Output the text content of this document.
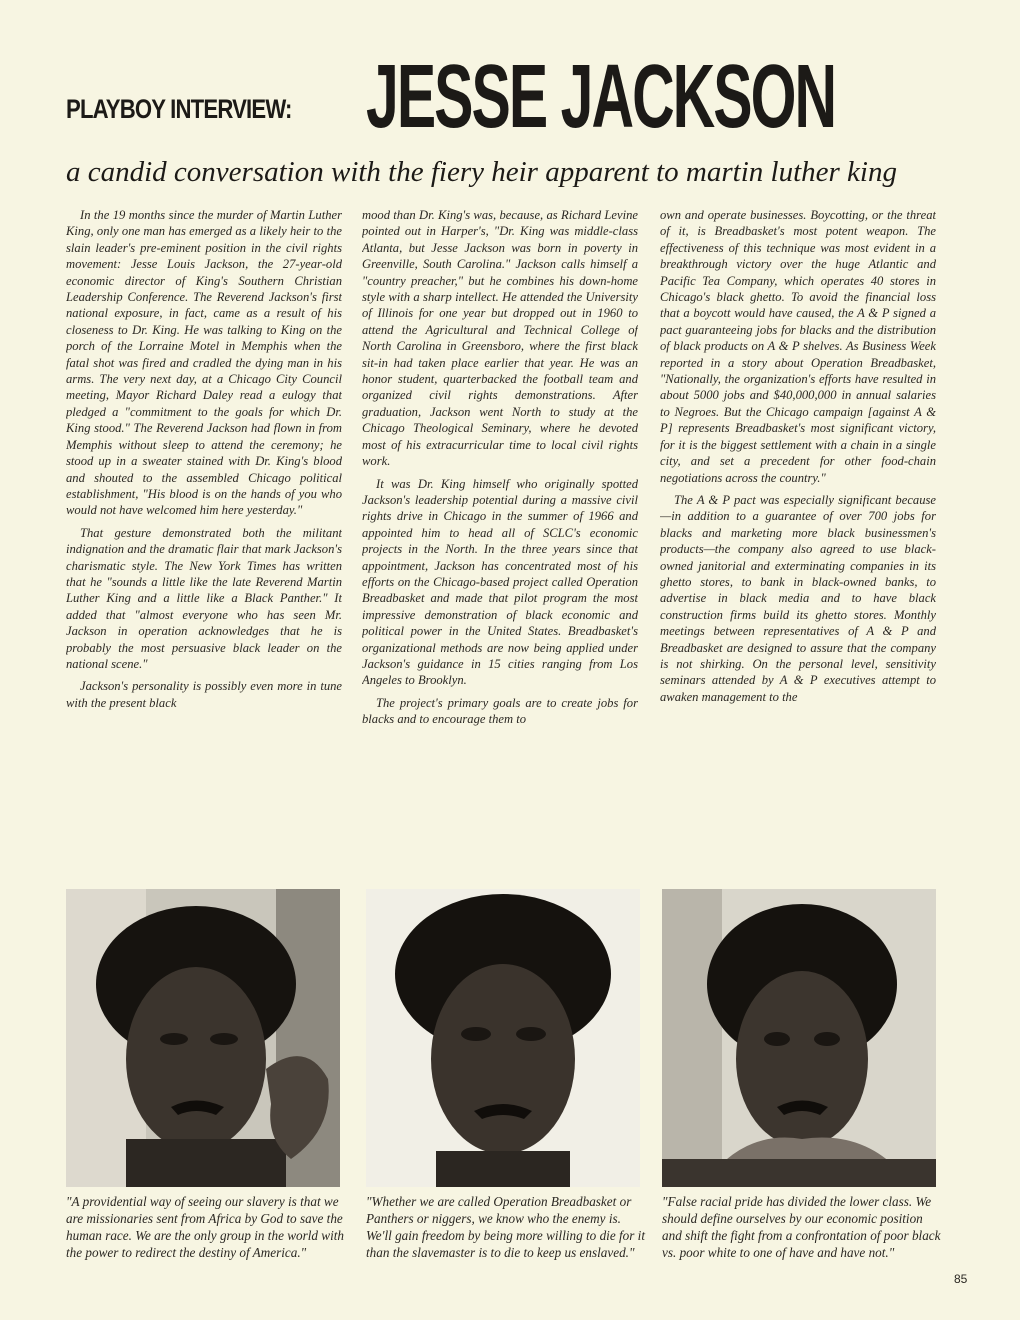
PLAYBOY INTERVIEW: JESSE JACKSON
a candid conversation with the fiery heir apparent to martin luther king

In the 19 months since the murder of Martin Luther King, only one man has emerged as a likely heir to the slain leader's pre-eminent position in the civil rights movement: Jesse Louis Jackson, the 27-year-old economic director of King's Southern Christian Leadership Conference. The Reverend Jackson's first national exposure, in fact, came as a result of his closeness to Dr. King. He was talking to King on the porch of the Lorraine Motel in Memphis when the fatal shot was fired and cradled the dying man in his arms. The very next day, at a Chicago City Council meeting, Mayor Richard Daley read a eulogy that pledged a "commitment to the goals for which Dr. King stood." The Reverend Jackson had flown in from Memphis without sleep to attend the ceremony; he stood up in a sweater stained with Dr. King's blood and shouted to the assembled Chicago political establishment, "His blood is on the hands of you who would not have welcomed him here yesterday."

That gesture demonstrated both the militant indignation and the dramatic flair that mark Jackson's charismatic style. The New York Times has written that he "sounds a little like the late Reverend Martin Luther King and a little like a Black Panther." It added that "almost everyone who has seen Mr. Jackson in operation acknowledges that he is probably the most persuasive black leader on the national scene."

Jackson's personality is possibly even more in tune with the present black

mood than Dr. King's was, because, as Richard Levine pointed out in Harper's, "Dr. King was middle-class Atlanta, but Jesse Jackson was born in poverty in Greenville, South Carolina." Jackson calls himself a "country preacher," but he combines his down-home style with a sharp intellect. He attended the University of Illinois for one year but dropped out in 1960 to attend the Agricultural and Technical College of North Carolina in Greensboro, where the first black sit-in had taken place earlier that year. He was an honor student, quarterbacked the football team and organized civil rights demonstrations. After graduation, Jackson went North to study at the Chicago Theological Seminary, where he devoted most of his extracurricular time to local civil rights work.

It was Dr. King himself who originally spotted Jackson's leadership potential during a massive civil rights drive in Chicago in the summer of 1966 and appointed him to head all of SCLC's economic projects in the North. In the three years since that appointment, Jackson has concentrated most of his efforts on the Chicago-based project called Operation Breadbasket and made that pilot program the most impressive demonstration of black economic and political power in the United States. Breadbasket's organizational methods are now being applied under Jackson's guidance in 15 cities ranging from Los Angeles to Brooklyn.

The project's primary goals are to create jobs for blacks and to encourage them to

own and operate businesses. Boycotting, or the threat of it, is Breadbasket's most potent weapon. The effectiveness of this technique was most evident in a breakthrough victory over the huge Atlantic and Pacific Tea Company, which operates 40 stores in Chicago's black ghetto. To avoid the financial loss that a boycott would have caused, the A & P signed a pact guaranteeing jobs for blacks and the distribution of black products on A & P shelves. As Business Week reported in a story about Operation Breadbasket, "Nationally, the organization's efforts have resulted in about 5000 jobs and $40,000,000 in annual salaries to Negroes. But the Chicago campaign [against A & P] represents Breadbasket's most significant victory, for it is the biggest settlement with a chain in a single city, and set a precedent for other food-chain negotiations across the country."

The A & P pact was especially significant because—in addition to a guarantee of over 700 jobs for blacks and marketing more black businessmen's products—the company also agreed to use black-owned janitorial and exterminating companies in its ghetto stores, to bank in black-owned banks, to advertise in black media and to have black construction firms build its ghetto stores. Monthly meetings between representatives of A & P and Breadbasket are designed to assure that the company is not shirking. On the personal level, sensitivity seminars attended by A & P executives attempt to awaken management to the

"A providential way of seeing our slavery is that we are missionaries sent from Africa by God to save the human race. We are the only group in the world with the power to redirect the destiny of America."
"Whether we are called Operation Breadbasket or Panthers or niggers, we know who the enemy is. We'll gain freedom by being more willing to die for it than the slavemaster is to die to keep us enslaved."
"False racial pride has divided the lower class. We should define ourselves by our economic position and shift the fight from a confrontation of poor black vs. poor white to one of have and have not."
85
